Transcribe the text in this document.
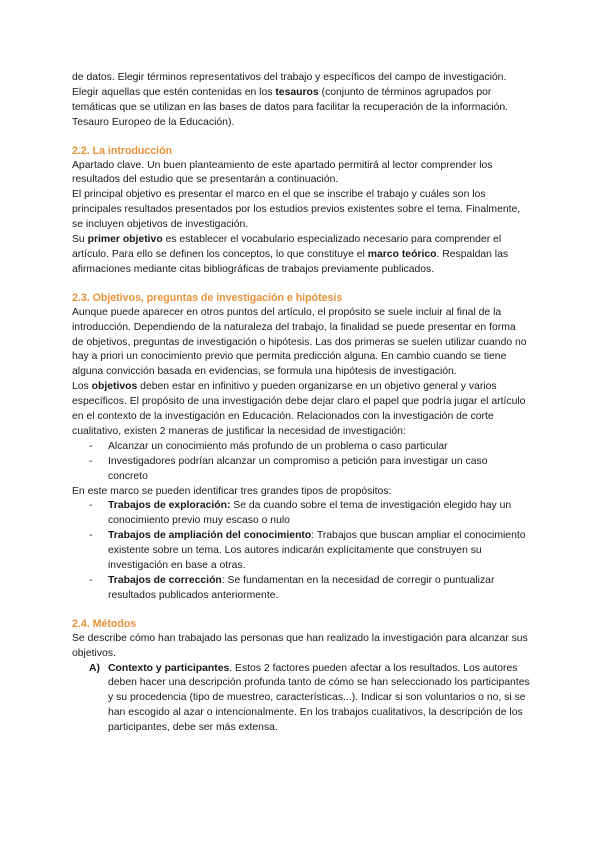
de datos. Elegir términos representativos del trabajo y específicos del campo de investigación. Elegir aquellas que estén contenidas en los tesauros (conjunto de términos agrupados por temáticas que se utilizan en las bases de datos para facilitar la recuperación de la información. Tesauro Europeo de la Educación).

2.2. La introducción

Apartado clave. Un buen planteamiento de este apartado permitirá al lector comprender los resultados del estudio que se presentarán a continuación.

El principal objetivo es presentar el marco en el que se inscribe el trabajo y cuáles son los principales resultados presentados por los estudios previos existentes sobre el tema. Finalmente, se incluyen objetivos de investigación.

Su primer objetivo es establecer el vocabulario especializado necesario para comprender el artículo. Para ello se definen los conceptos, lo que constituye el marco teórico. Respaldan las afirmaciones mediante citas bibliográficas de trabajos previamente publicados.

2.3. Objetivos, preguntas de investigación e hipótesis

Aunque puede aparecer en otros puntos del artículo, el propósito se suele incluir al final de la introducción. Dependiendo de la naturaleza del trabajo, la finalidad se puede presentar en forma de objetivos, preguntas de investigación o hipótesis. Las dos primeras se suelen utilizar cuando no hay a priori un conocimiento previo que permita predicción alguna. En cambio cuando se tiene alguna convicción basada en evidencias, se formula una hipótesis de investigación.

Los objetivos deben estar en infinitivo y pueden organizarse en un objetivo general y varios específicos. El propósito de una investigación debe dejar claro el papel que podría jugar el artículo en el contexto de la investigación en Educación. Relacionados con la investigación de corte cualitativo, existen 2 maneras de justificar la necesidad de investigación:

- Alcanzar un conocimiento más profundo de un problema o caso particular
- Investigadores podrían alcanzar un compromiso a petición para investigar un caso concreto

En este marco se pueden identificar tres grandes tipos de propósitos:

- Trabajos de exploración: Se da cuando sobre el tema de investigación elegido hay un conocimiento previo muy escaso o nulo
- Trabajos de ampliación del conocimiento: Trabajos que buscan ampliar el conocimiento existente sobre un tema. Los autores indicarán explícitamente que construyen su investigación en base a otras.
- Trabajos de corrección: Se fundamentan en la necesidad de corregir o puntualizar resultados publicados anteriormente.
2.4. Métodos

Se describe cómo han trabajado las personas que han realizado la investigación para alcanzar sus objetivos.

A) Contexto y participantes. Estos 2 factores pueden afectar a los resultados. Los autores deben hacer una descripción profunda tanto de cómo se han seleccionado los participantes y su procedencia (tipo de muestreo, características...). Indicar si son voluntarios o no, si se han escogido al azar o intencionalmente. En los trabajos cualitativos, la descripción de los participantes, debe ser más extensa.
